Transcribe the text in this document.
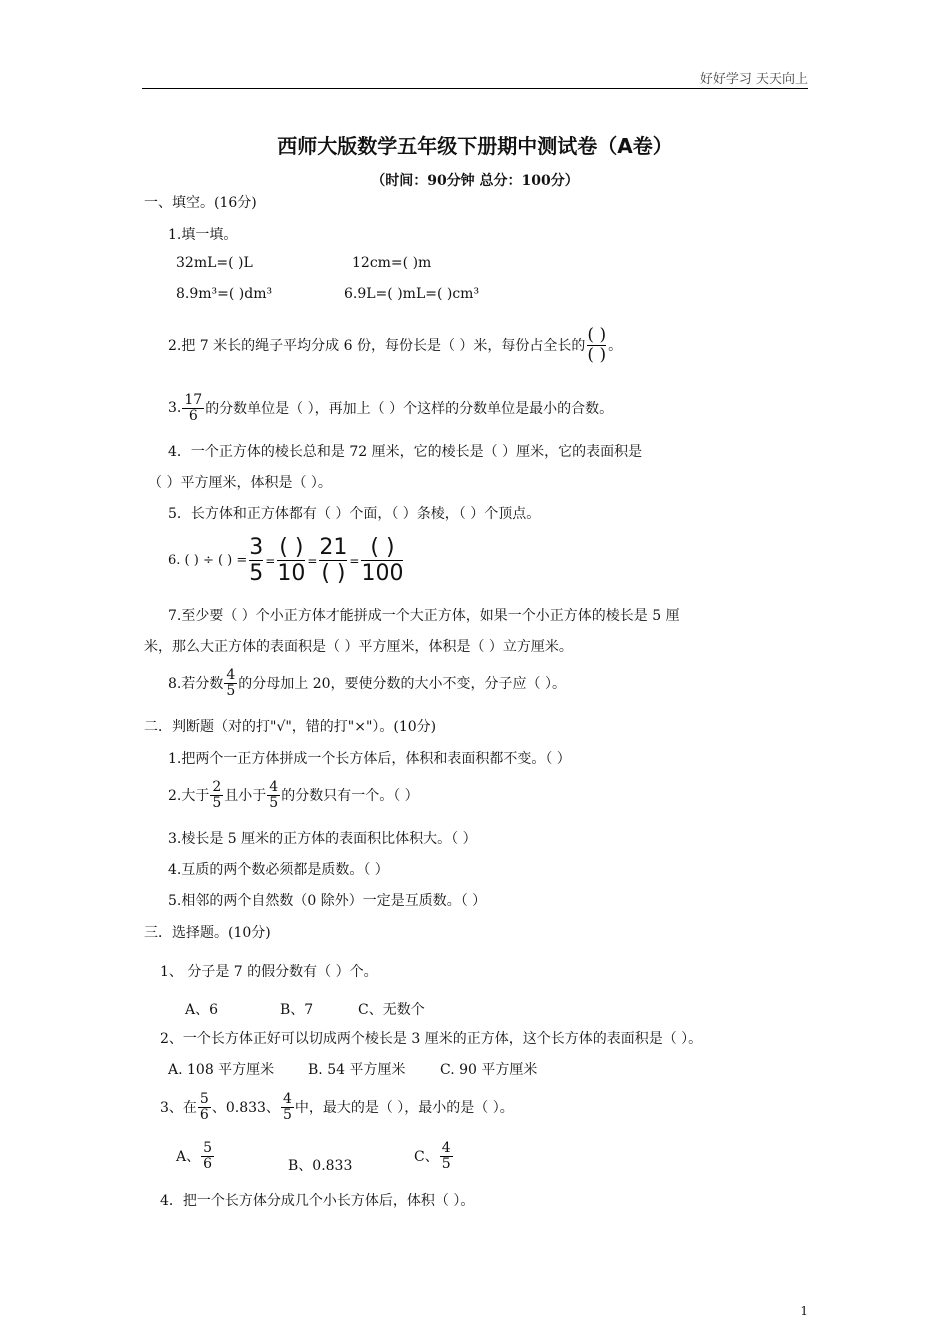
好好学习 天天向上
西师大版数学五年级下册期中测试卷（A卷）
（时间：90分钟 总分：100分）
一、填空。(16分)
1.填一填。
32mL=( )L	12cm=( )m
8.9m³=( )dm³	6.9L=( )mL=( )cm³
2.把 7 米长的绳子平均分成 6 份，每份长是（ ）米，每份占全长的
( )
( ) 。
3. $\frac{17}{6}$ 的分数单位是（ ），再加上（ ）个这样的分数单位是最小的合数。
4．一个正方体的棱长总和是 72 厘米，它的棱长是（ ）厘米，它的表面积是
（ ）平方厘米，体积是（ ）。
5．长方体和正方体都有（ ）个面，（ ）条棱，（ ）个顶点。
6. ( ) ÷ ( ) =
3
5
=
( )
10
=
21
( )
=
( )
100
7.至少要（ ）个小正方体才能拼成一个大正方体，如果一个小正方体的棱长是 5 厘
米，那么大正方体的表面积是（ ）平方厘米，体积是（ ）立方厘米。
8.若分数 $\frac{4}{5}$ 的分母加上 20，要使分数的大小不变，分子应（ ）。
二．判断题（对的打"√"，错的打"×"）。(10分)
1.把两个一正方体拼成一个长方体后，体积和表面积都不变。（ ）
2.大于 $\frac{2}{5}$ 且小于 $\frac{4}{5}$ 的分数只有一个。（ ）
3.棱长是 5 厘米的正方体的表面积比体积大。（ ）
4.互质的两个数必须都是质数。（ ）
5.相邻的两个自然数（0 除外）一定是互质数。（ ）
三．选择题。(10分)
1、 分子是 7 的假分数有（ ）个。
A、6	B、7	C、无数个
2、一个长方体正好可以切成两个棱长是 3 厘米的正方体，这个长方体的表面积是（ ）。
A. 108 平方厘米 B. 54 平方厘米 C. 90 平方厘米
3、在 $\frac{5}{6}$ 、0.833、 $\frac{4}{5}$ 中，最大的是（ ），最小的是（ ）。
A、 $\frac{5}{6}$	B、0.833
C、 $\frac{4}{5}$
4．把一个长方体分成几个小长方体后，体积（ ）。
1
